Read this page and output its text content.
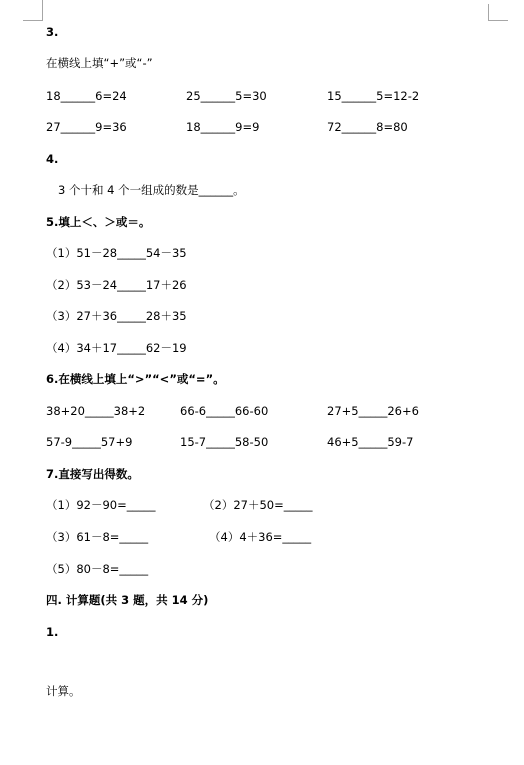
3.
在横线上填“+”或“-”
18______6=24	25______5=30	15______5=12-2
27______9=36	18______9=9	72______8=80
4.
3 个十和 4 个一组成的数是______。
5.填上＜、＞或＝。
（1）51－28_____54－35
（2）53－24_____17＋26
（3）27＋36_____28＋35
（4）34＋17_____62－19
6.在横线上填上“>”“<”或“=”。
38+20_____38+2	66-6_____66-60	27+5_____26+6
57-9_____57+9	15-7_____58-50	46+5_____59-7
7.直接写出得数。
（1）92－90=_____	（2）27＋50=_____
（3）61－8=_____	（4）4＋36=_____
（5）80－8=_____
四. 计算题(共 3 题，共 14 分)
1.
计算。
